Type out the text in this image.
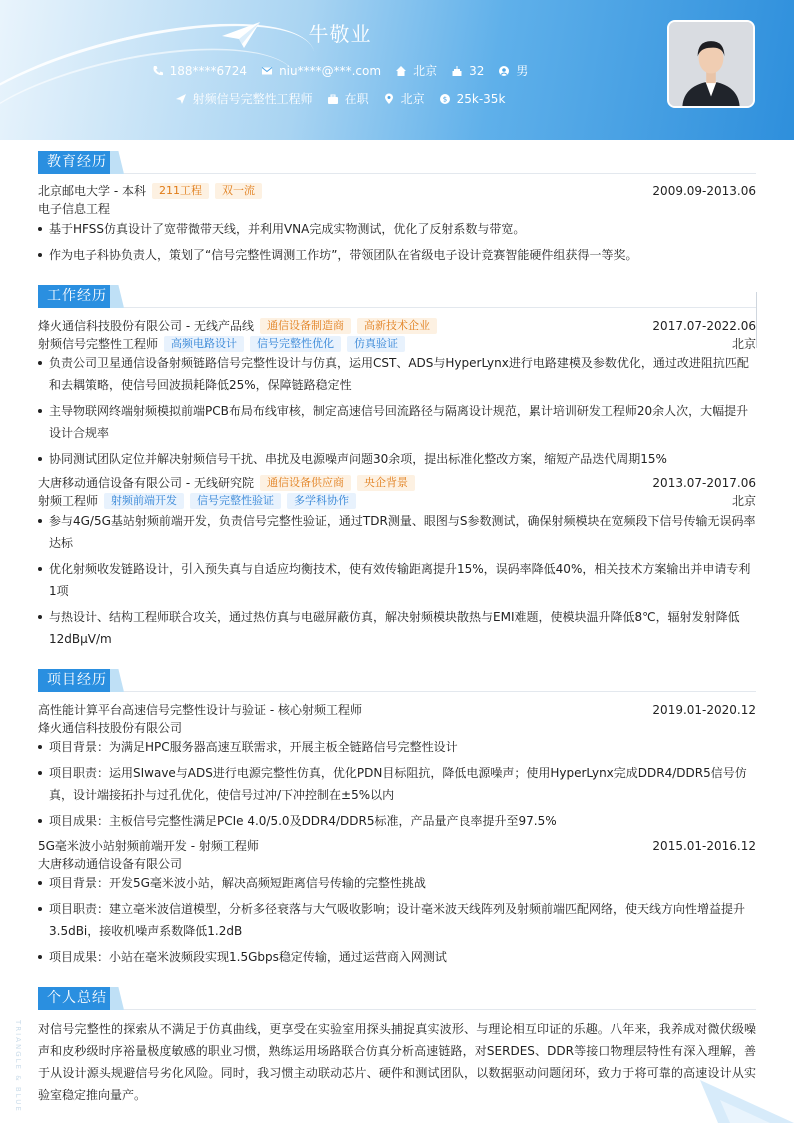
牛敬业
188****6724	niu****@***.com	北京	32	男
射频信号完整性工程师	在职	北京	$ 25k-35k
教育经历
北京邮电大学 - 本科	211工程	双一流	2009.09-2013.06
电子信息工程
基于HFSS仿真设计了宽带微带天线，并利用VNA完成实物测试，优化了反射系数与带宽。
作为电子科协负责人，策划了“信号完整性调测工作坊”，带领团队在省级电子设计竞赛智能硬件组获得一等奖。
工作经历
烽火通信科技股份有限公司 - 无线产品线	通信设备制造商	高新技术企业	2017.07-2022.06
射频信号完整性工程师	高频电路设计	信号完整性优化	仿真验证	北京
负责公司卫星通信设备射频链路信号完整性设计与仿真，运用CST、ADS与HyperLynx进行电路建模及参数优化，通过改进阻抗匹配和去耦策略，使信号回波损耗降低25%，保障链路稳定性
主导物联网终端射频模拟前端PCB布局布线审核，制定高速信号回流路径与隔离设计规范，累计培训研发工程师20余人次，大幅提升设计合规率
协同测试团队定位并解决射频信号干扰、串扰及电源噪声问题30余项，提出标准化整改方案，缩短产品迭代周期15%
大唐移动通信设备有限公司 - 无线研究院	通信设备供应商	央企背景	2013.07-2017.06
射频工程师	射频前端开发	信号完整性验证	多学科协作	北京
参与4G/5G基站射频前端开发，负责信号完整性验证，通过TDR测量、眼图与S参数测试，确保射频模块在宽频段下信号传输无误码率达标
优化射频收发链路设计，引入预失真与自适应均衡技术，使有效传输距离提升15%，误码率降低40%，相关技术方案输出并申请专利1项
与热设计、结构工程师联合攻关，通过热仿真与电磁屏蔽仿真，解决射频模块散热与EMI难题，使模块温升降低8℃，辐射发射降低12dBμV/m
项目经历
高性能计算平台高速信号完整性设计与验证 - 核心射频工程师	2019.01-2020.12
烽火通信科技股份有限公司
项目背景：为满足HPC服务器高速互联需求，开展主板全链路信号完整性设计
项目职责：运用SIwave与ADS进行电源完整性仿真，优化PDN目标阻抗，降低电源噪声；使用HyperLynx完成DDR4/DDR5信号仿真，设计端接拓扑与过孔优化，使信号过冲/下冲控制在±5%以内
项目成果：主板信号完整性满足PCIe 4.0/5.0及DDR4/DDR5标准，产品量产良率提升至97.5%
5G毫米波小站射频前端开发 - 射频工程师	2015.01-2016.12
大唐移动通信设备有限公司
项目背景：开发5G毫米波小站，解决高频短距离信号传输的完整性挑战
项目职责：建立毫米波信道模型，分析多径衰落与大气吸收影响；设计毫米波天线阵列及射频前端匹配网络，使天线方向性增益提升3.5dBi，接收机噪声系数降低1.2dB
项目成果：小站在毫米波频段实现1.5Gbps稳定传输，通过运营商入网测试
个人总结
对信号完整性的探索从不满足于仿真曲线，更享受在实验室用探头捕捉真实波形、与理论相互印证的乐趣。八年来，我养成对微伏级噪声和皮秒级时序裕量极度敏感的职业习惯，熟练运用场路联合仿真分析高速链路，对SERDES、DDR等接口物理层特性有深入理解，善于从设计源头规避信号劣化风险。同时，我习惯主动联动芯片、硬件和测试团队，以数据驱动问题闭环，致力于将可靠的高速设计从实验室稳定推向量产。
TRIANGLE & BLUE
